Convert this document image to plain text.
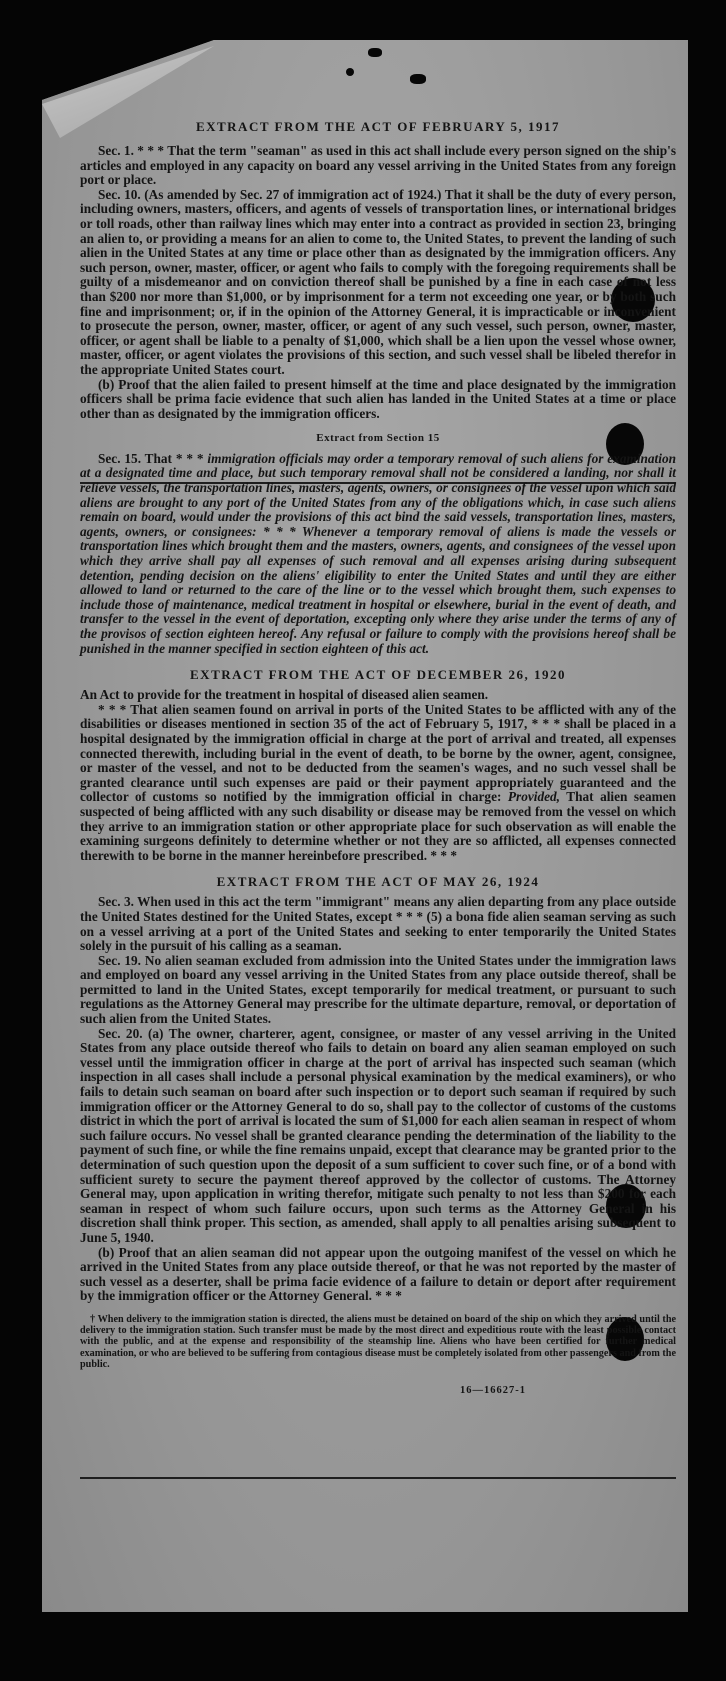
EXTRACT FROM THE ACT OF FEBRUARY 5, 1917

Sec. 1. * * * That the term "seaman" as used in this act shall include every person signed on the ship's articles and employed in any capacity on board any vessel arriving in the United States from any foreign port or place.

Sec. 10. (As amended by Sec. 27 of immigration act of 1924.) That it shall be the duty of every person, including owners, masters, officers, and agents of vessels of transportation lines, or international bridges or toll roads, other than railway lines which may enter into a contract as provided in section 23, bringing an alien to, or providing a means for an alien to come to, the United States, to prevent the landing of such alien in the United States at any time or place other than as designated by the immigration officers. Any such person, owner, master, officer, or agent who fails to comply with the foregoing requirements shall be guilty of a misdemeanor and on conviction thereof shall be punished by a fine in each case of not less than $200 nor more than $1,000, or by imprisonment for a term not exceeding one year, or by both such fine and imprisonment; or, if in the opinion of the Attorney General, it is impracticable or inconvenient to prosecute the person, owner, master, officer, or agent of any such vessel, such person, owner, master, officer, or agent shall be liable to a penalty of $1,000, which shall be a lien upon the vessel whose owner, master, officer, or agent violates the provisions of this section, and such vessel shall be libeled therefor in the appropriate United States court.

(b) Proof that the alien failed to present himself at the time and place designated by the immigration officers shall be prima facie evidence that such alien has landed in the United States at a time or place other than as designated by the immigration officers.

Extract from Section 15

Sec. 15. That * * * immigration officials may order a temporary removal of such aliens for examination at a designated time and place, but such temporary removal shall not be considered a landing, nor shall it relieve vessels, the transportation lines, masters, agents, owners, or consignees of the vessel upon which said aliens are brought to any port of the United States from any of the obligations which, in case such aliens remain on board, would under the provisions of this act bind the said vessels, transportation lines, masters, agents, owners, or consignees: * * * Whenever a temporary removal of aliens is made the vessels or transportation lines which brought them and the masters, owners, agents, and consignees of the vessel upon which they arrive shall pay all expenses of such removal and all expenses arising during subsequent detention, pending decision on the aliens' eligibility to enter the United States and until they are either allowed to land or returned to the care of the line or to the vessel which brought them, such expenses to include those of maintenance, medical treatment in hospital or elsewhere, burial in the event of death, and transfer to the vessel in the event of deportation, excepting only where they arise under the terms of any of the provisos of section eighteen hereof. Any refusal or failure to comply with the provisions hereof shall be punished in the manner specified in section eighteen of this act.

EXTRACT FROM THE ACT OF DECEMBER 26, 1920

An Act to provide for the treatment in hospital of diseased alien seamen.

* * * That alien seamen found on arrival in ports of the United States to be afflicted with any of the disabilities or diseases mentioned in section 35 of the act of February 5, 1917, * * * shall be placed in a hospital designated by the immigration official in charge at the port of arrival and treated, all expenses connected therewith, including burial in the event of death, to be borne by the owner, agent, consignee, or master of the vessel, and not to be deducted from the seamen's wages, and no such vessel shall be granted clearance until such expenses are paid or their payment appropriately guaranteed and the collector of customs so notified by the immigration official in charge: Provided, That alien seamen suspected of being afflicted with any such disability or disease may be removed from the vessel on which they arrive to an immigration station or other appropriate place for such observation as will enable the examining surgeons definitely to determine whether or not they are so afflicted, all expenses connected therewith to be borne in the manner hereinbefore prescribed. * * *

EXTRACT FROM THE ACT OF MAY 26, 1924

Sec. 3. When used in this act the term "immigrant" means any alien departing from any place outside the United States destined for the United States, except * * * (5) a bona fide alien seaman serving as such on a vessel arriving at a port of the United States and seeking to enter temporarily the United States solely in the pursuit of his calling as a seaman.

Sec. 19. No alien seaman excluded from admission into the United States under the immigration laws and employed on board any vessel arriving in the United States from any place outside thereof, shall be permitted to land in the United States, except temporarily for medical treatment, or pursuant to such regulations as the Attorney General may prescribe for the ultimate departure, removal, or deportation of such alien from the United States.

Sec. 20. (a) The owner, charterer, agent, consignee, or master of any vessel arriving in the United States from any place outside thereof who fails to detain on board any alien seaman employed on such vessel until the immigration officer in charge at the port of arrival has inspected such seaman (which inspection in all cases shall include a personal physical examination by the medical examiners), or who fails to detain such seaman on board after such inspection or to deport such seaman if required by such immigration officer or the Attorney General to do so, shall pay to the collector of customs of the customs district in which the port of arrival is located the sum of $1,000 for each alien seaman in respect of whom such failure occurs. No vessel shall be granted clearance pending the determination of the liability to the payment of such fine, or while the fine remains unpaid, except that clearance may be granted prior to the determination of such question upon the deposit of a sum sufficient to cover such fine, or of a bond with sufficient surety to secure the payment thereof approved by the collector of customs. The Attorney General may, upon application in writing therefor, mitigate such penalty to not less than $200 for each seaman in respect of whom such failure occurs, upon such terms as the Attorney General in his discretion shall think proper. This section, as amended, shall apply to all penalties arising subsequent to June 5, 1940.

(b) Proof that an alien seaman did not appear upon the outgoing manifest of the vessel on which he arrived in the United States from any place outside thereof, or that he was not reported by the master of such vessel as a deserter, shall be prima facie evidence of a failure to detain or deport after requirement by the immigration officer or the Attorney General. * * *

† When delivery to the immigration station is directed, the aliens must be detained on board of the ship on which they arrived until the delivery to the immigration station. Such transfer must be made by the most direct and expeditious route with the least possible contact with the public, and at the expense and responsibility of the steamship line. Aliens who have been certified for further medical examination, or who are believed to be suffering from contagious disease must be completely isolated from other passengers and from the public.

16—16627-1
